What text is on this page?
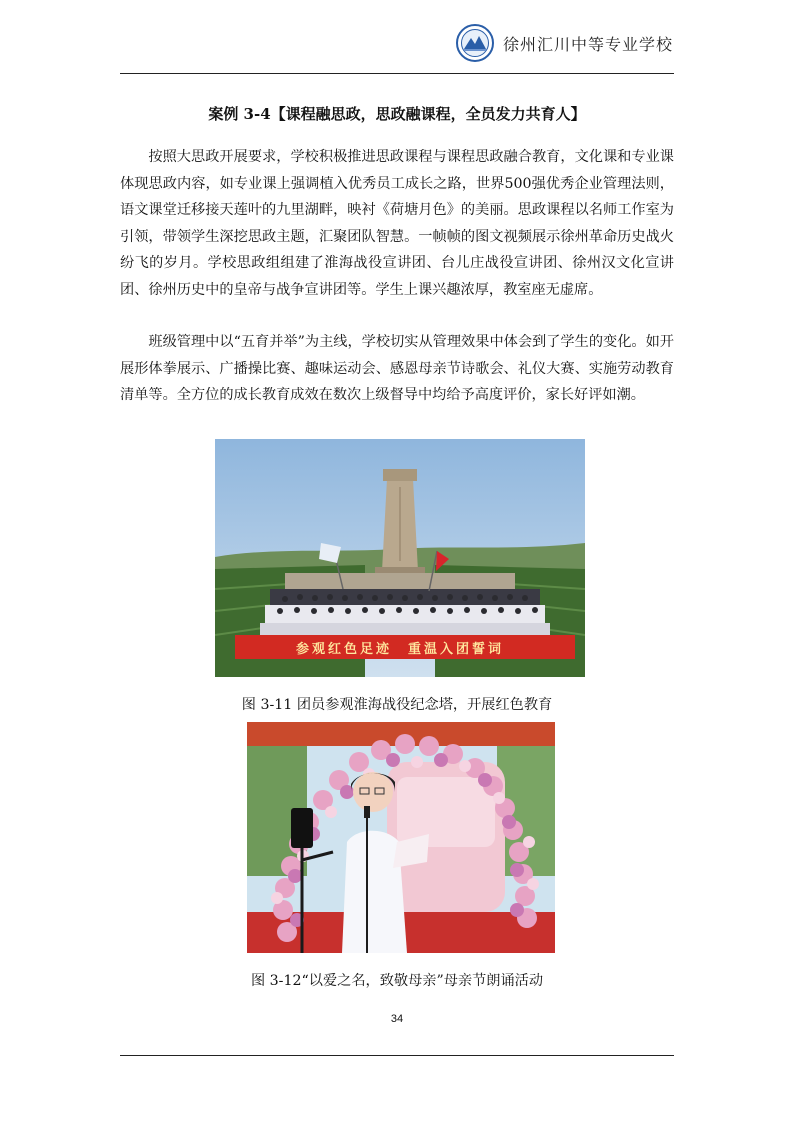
徐州汇川中等专业学校
案例 3-4【课程融思政，思政融课程，全员发力共育人】

按照大思政开展要求，学校积极推进思政课程与课程思政融合教育，文化课和专业课体现思政内容，如专业课上强调植入优秀员工成长之路，世界500强优秀企业管理法则，语文课堂迁移接天莲叶的九里湖畔，映衬《荷塘月色》的美丽。思政课程以名师工作室为引领，带领学生深挖思政主题，汇聚团队智慧。一帧帧的图文视频展示徐州革命历史战火纷飞的岁月。学校思政组组建了淮海战役宣讲团、台儿庄战役宣讲团、徐州汉文化宣讲团、徐州历史中的皇帝与战争宣讲团等。学生上课兴趣浓厚，教室座无虚席。

班级管理中以“五育并举”为主线，学校切实从管理效果中体会到了学生的变化。如开展形体拳展示、广播操比赛、趣味运动会、感恩母亲节诗歌会、礼仪大赛、实施劳动教育清单等。全方位的成长教育成效在数次上级督导中均给予高度评价，家长好评如潮。

参观红色足迹　重温入团誓词
图 3-11 团员参观淮海战役纪念塔，开展红色教育
图 3-12“以爱之名，致敬母亲”母亲节朗诵活动
34
